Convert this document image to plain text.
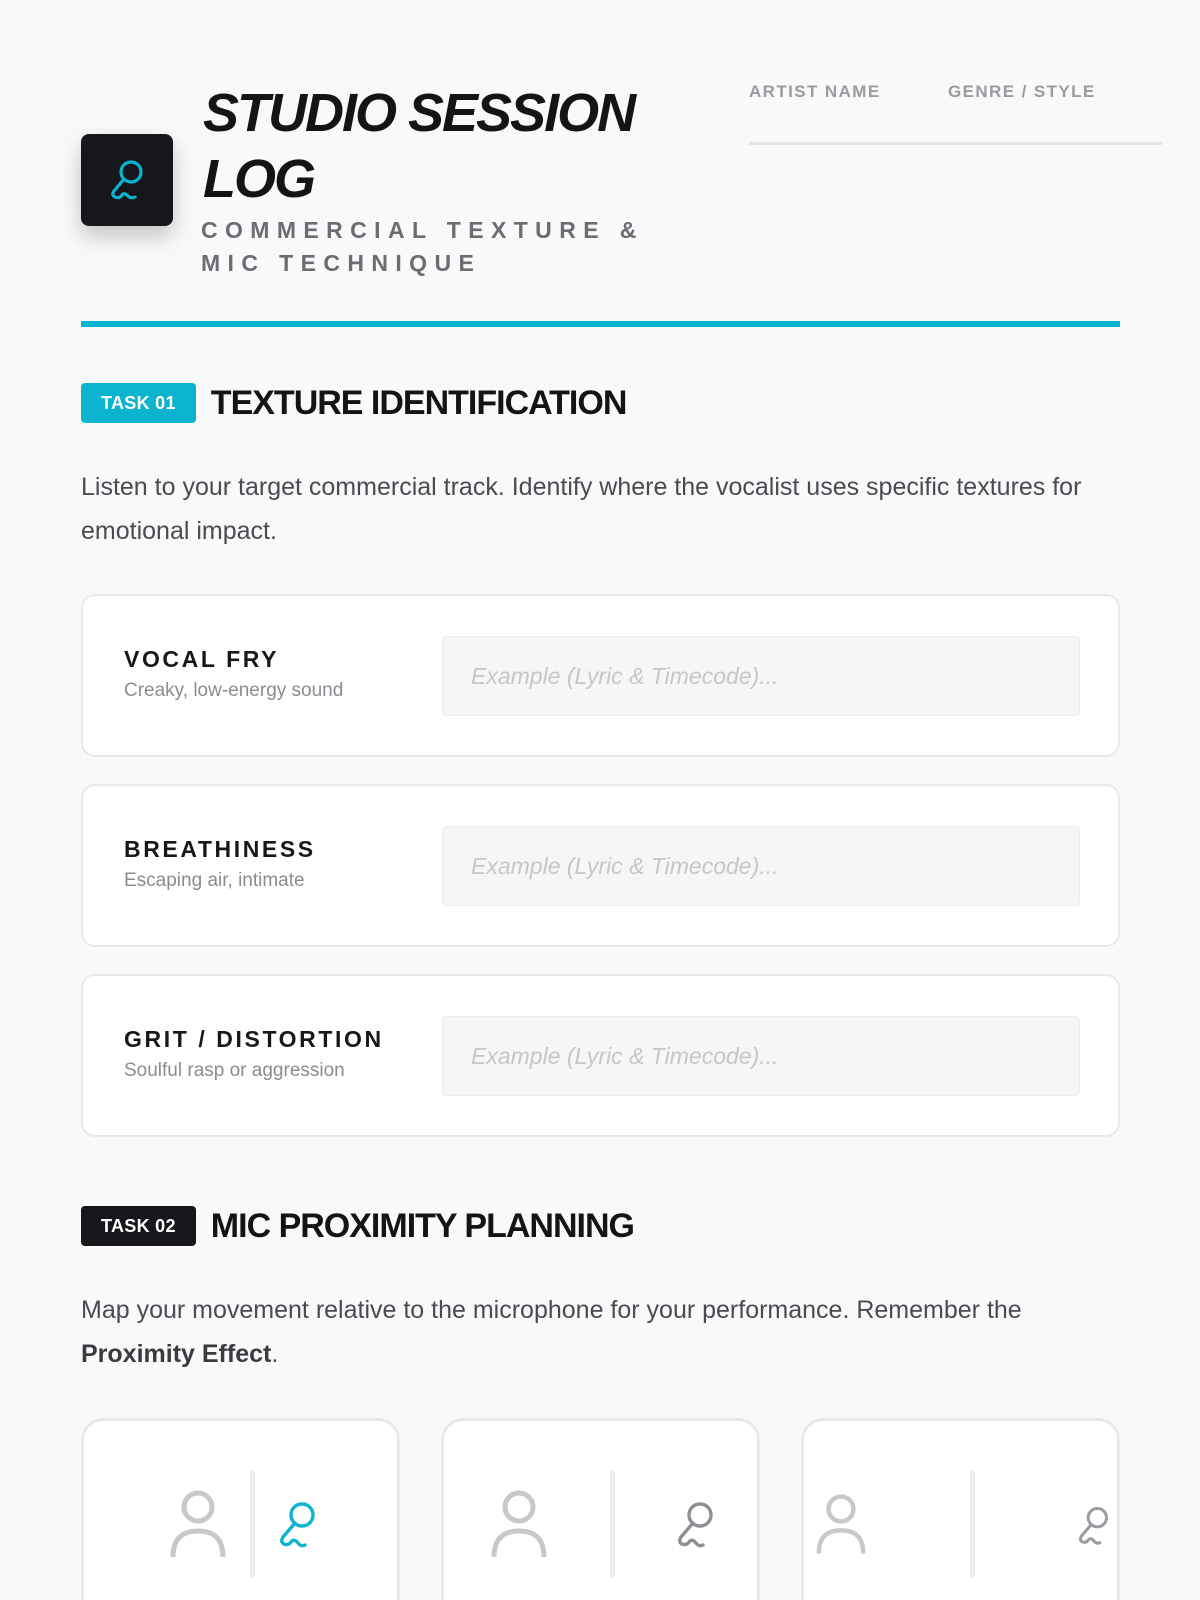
STUDIO SESSION LOG
COMMERCIAL TEXTURE & MIC TECHNIQUE
ARTIST NAME	GENRE / STYLE
TASK 01	TEXTURE IDENTIFICATION

Listen to your target commercial track. Identify where the vocalist uses specific textures for emotional impact.

VOCAL FRY
Creaky, low-energy sound
Example (Lyric & Timecode)...
BREATHINESS
Escaping air, intimate
Example (Lyric & Timecode)...
GRIT / DISTORTION
Soulful rasp or aggression
Example (Lyric & Timecode)...
TASK 02	MIC PROXIMITY PLANNING

Map your movement relative to the microphone for your performance. Remember the Proximity Effect.
